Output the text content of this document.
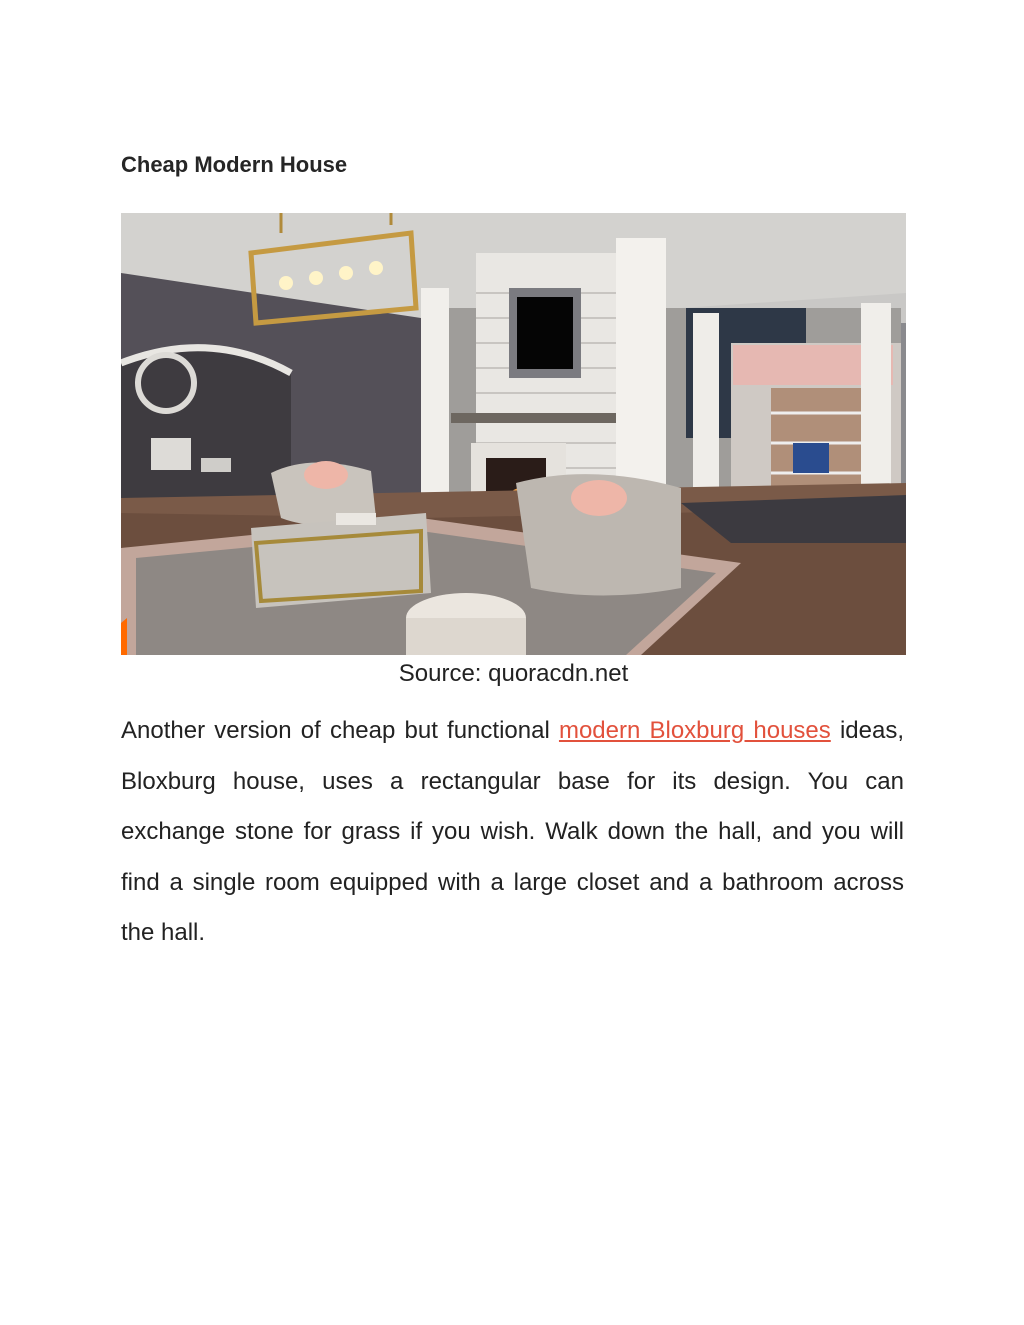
Cheap Modern House

Source: quoracdn.net

Another version of cheap but functional modern Bloxburg houses ideas, Bloxburg house, uses a rectangular base for its design. You can exchange stone for grass if you wish. Walk down the hall, and you will find a single room equipped with a large closet and a bathroom across the hall.
